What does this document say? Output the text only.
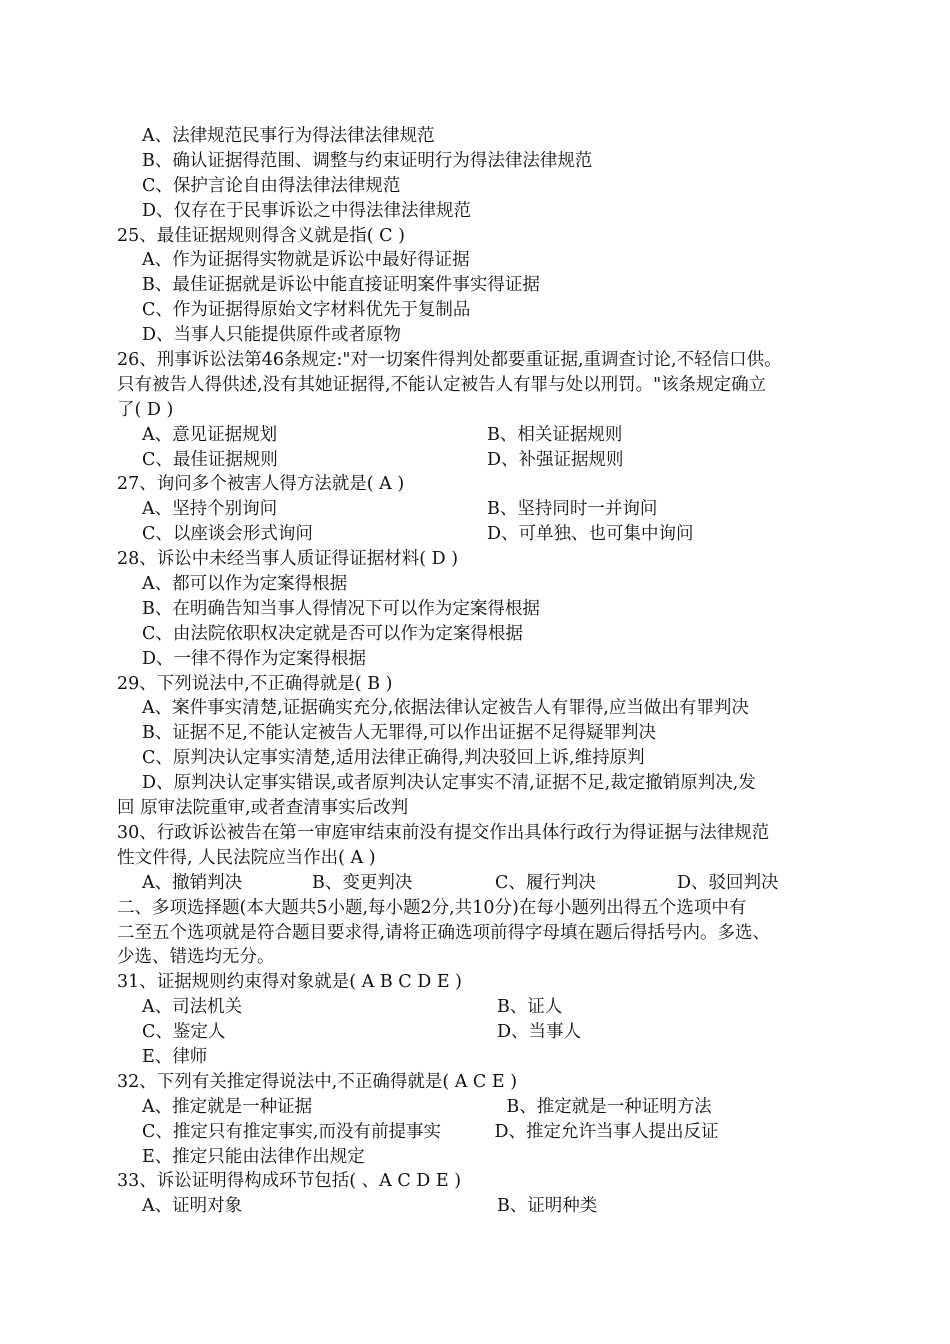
A、法律规范民事行为得法律法律规范
B、确认证据得范围、调整与约束证明行为得法律法律规范
C、保护言论自由得法律法律规范
D、仅存在于民事诉讼之中得法律法律规范
25、最佳证据规则得含义就是指( C )
A、作为证据得实物就是诉讼中最好得证据
B、最佳证据就是诉讼中能直接证明案件事实得证据
C、作为证据得原始文字材料优先于复制品
D、当事人只能提供原件或者原物
26、刑事诉讼法第46条规定:"对一切案件得判处都要重证据,重调查讨论,不轻信口供。
只有被告人得供述,没有其她证据得,不能认定被告人有罪与处以刑罚。"该条规定确立
了( D )
A、意见证据规划	B、相关证据规则
C、最佳证据规则	D、补强证据规则
27、询问多个被害人得方法就是( A )
A、坚持个别询问	B、坚持同时一并询问
C、以座谈会形式询问	D、可单独、也可集中询问
28、诉讼中未经当事人质证得证据材料( D )
A、都可以作为定案得根据
B、在明确告知当事人得情况下可以作为定案得根据
C、由法院依职权决定就是否可以作为定案得根据
D、一律不得作为定案得根据
29、下列说法中,不正确得就是( B )
A、案件事实清楚,证据确实充分,依据法律认定被告人有罪得,应当做出有罪判决
B、证据不足,不能认定被告人无罪得,可以作出证据不足得疑罪判决
C、原判决认定事实清楚,适用法律正确得,判决驳回上诉,维持原判
D、原判决认定事实错误,或者原判决认定事实不清,证据不足,裁定撤销原判决,发
回 原审法院重审,或者查清事实后改判
30、行政诉讼被告在第一审庭审结束前没有提交作出具体行政行为得证据与法律规范
性文件得, 人民法院应当作出( A )
A、撤销判决	B、变更判决	C、履行判决	D、驳回判决
二、多项选择题(本大题共5小题,每小题2分,共10分)在每小题列出得五个选项中有
二至五个选项就是符合题目要求得,请将正确选项前得字母填在题后得括号内。多选、
少选、错选均无分。
31、证据规则约束得对象就是( A B C D E )
A、司法机关	B、证人
C、鉴定人	D、当事人
E、律师
32、下列有关推定得说法中,不正确得就是( A C E )
A、推定就是一种证据	B、推定就是一种证明方法
C、推定只有推定事实,而没有前提事实	D、推定允许当事人提出反证
E、推定只能由法律作出规定
33、诉讼证明得构成环节包括( 、A C D E )
A、证明对象	B、证明种类
